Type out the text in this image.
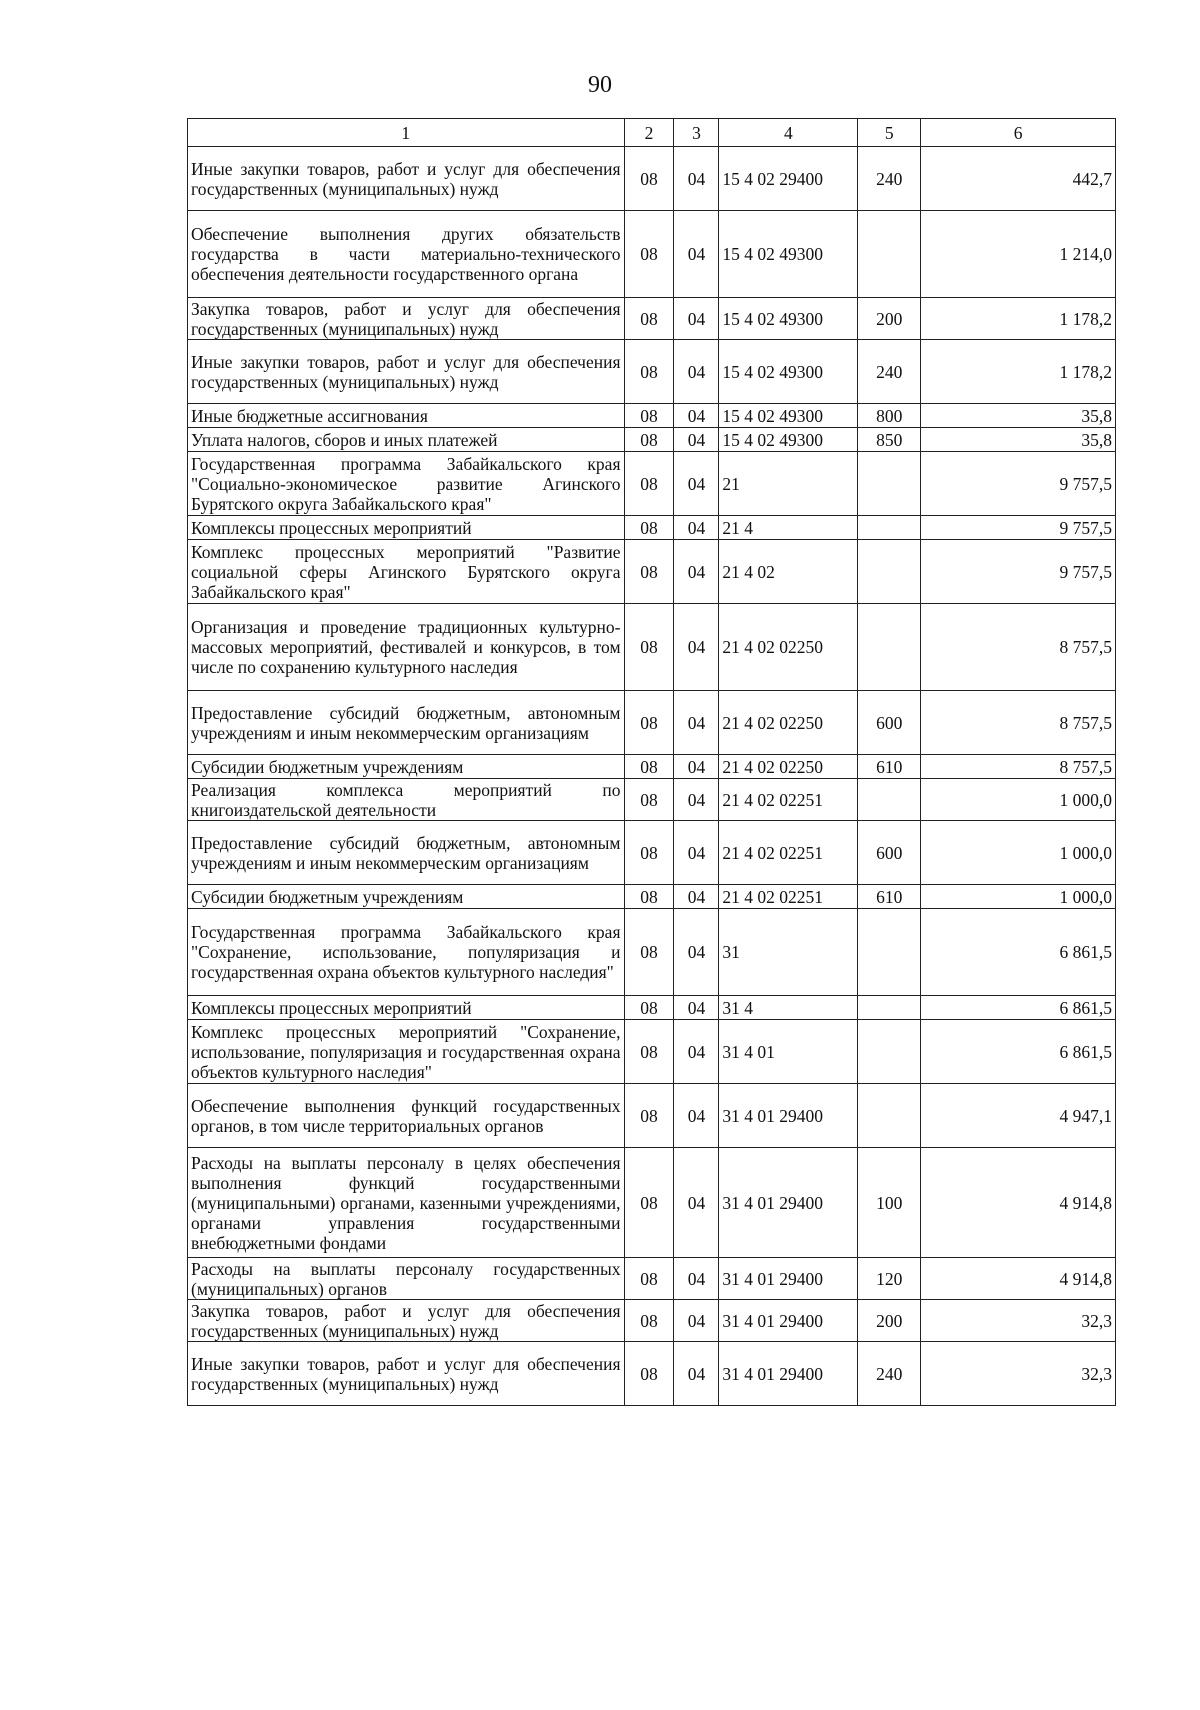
90
1	2	3	4	5	6
Иные закупки товаров, работ и услуг для обеспечения государственных (муниципальных) нужд	08	04	15 4 02 29400	240	442,7
Обеспечение выполнения других обязательств государства в части материально-технического обеспечения деятельности государственного органа	08	04	15 4 02 49300		1 214,0
Закупка товаров, работ и услуг для обеспечения государственных (муниципальных) нужд	08	04	15 4 02 49300	200	1 178,2
Иные закупки товаров, работ и услуг для обеспечения государственных (муниципальных) нужд	08	04	15 4 02 49300	240	1 178,2
Иные бюджетные ассигнования	08	04	15 4 02 49300	800	35,8
Уплата налогов, сборов и иных платежей	08	04	15 4 02 49300	850	35,8
Государственная программа Забайкальского края "Социально-экономическое развитие Агинского Бурятского округа Забайкальского края"	08	04	21		9 757,5
Комплексы процессных мероприятий	08	04	21 4		9 757,5
Комплекс процессных мероприятий "Развитие социальной сферы Агинского Бурятского округа Забайкальского края"	08	04	21 4 02		9 757,5
Организация и проведение традиционных культурно-массовых мероприятий, фестивалей и конкурсов, в том числе по сохранению культурного наследия	08	04	21 4 02 02250		8 757,5
Предоставление субсидий бюджетным, автономным учреждениям и иным некоммерческим организациям	08	04	21 4 02 02250	600	8 757,5
Субсидии бюджетным учреждениям	08	04	21 4 02 02250	610	8 757,5
Реализация комплекса мероприятий по книгоиздательской деятельности	08	04	21 4 02 02251		1 000,0
Предоставление субсидий бюджетным, автономным учреждениям и иным некоммерческим организациям	08	04	21 4 02 02251	600	1 000,0
Субсидии бюджетным учреждениям	08	04	21 4 02 02251	610	1 000,0
Государственная программа Забайкальского края "Сохранение, использование, популяризация и государственная охрана объектов культурного наследия"	08	04	31		6 861,5
Комплексы процессных мероприятий	08	04	31 4		6 861,5
Комплекс процессных мероприятий "Сохранение, использование, популяризация и государственная охрана объектов культурного наследия"	08	04	31 4 01		6 861,5
Обеспечение выполнения функций государственных органов, в том числе территориальных органов	08	04	31 4 01 29400		4 947,1
Расходы на выплаты персоналу в целях обеспечения выполнения функций государственными (муниципальными) органами, казенными учреждениями, органами управления государственными внебюджетными фондами	08	04	31 4 01 29400	100	4 914,8
Расходы на выплаты персоналу государственных (муниципальных) органов	08	04	31 4 01 29400	120	4 914,8
Закупка товаров, работ и услуг для обеспечения государственных (муниципальных) нужд	08	04	31 4 01 29400	200	32,3
Иные закупки товаров, работ и услуг для обеспечения государственных (муниципальных) нужд	08	04	31 4 01 29400	240	32,3
